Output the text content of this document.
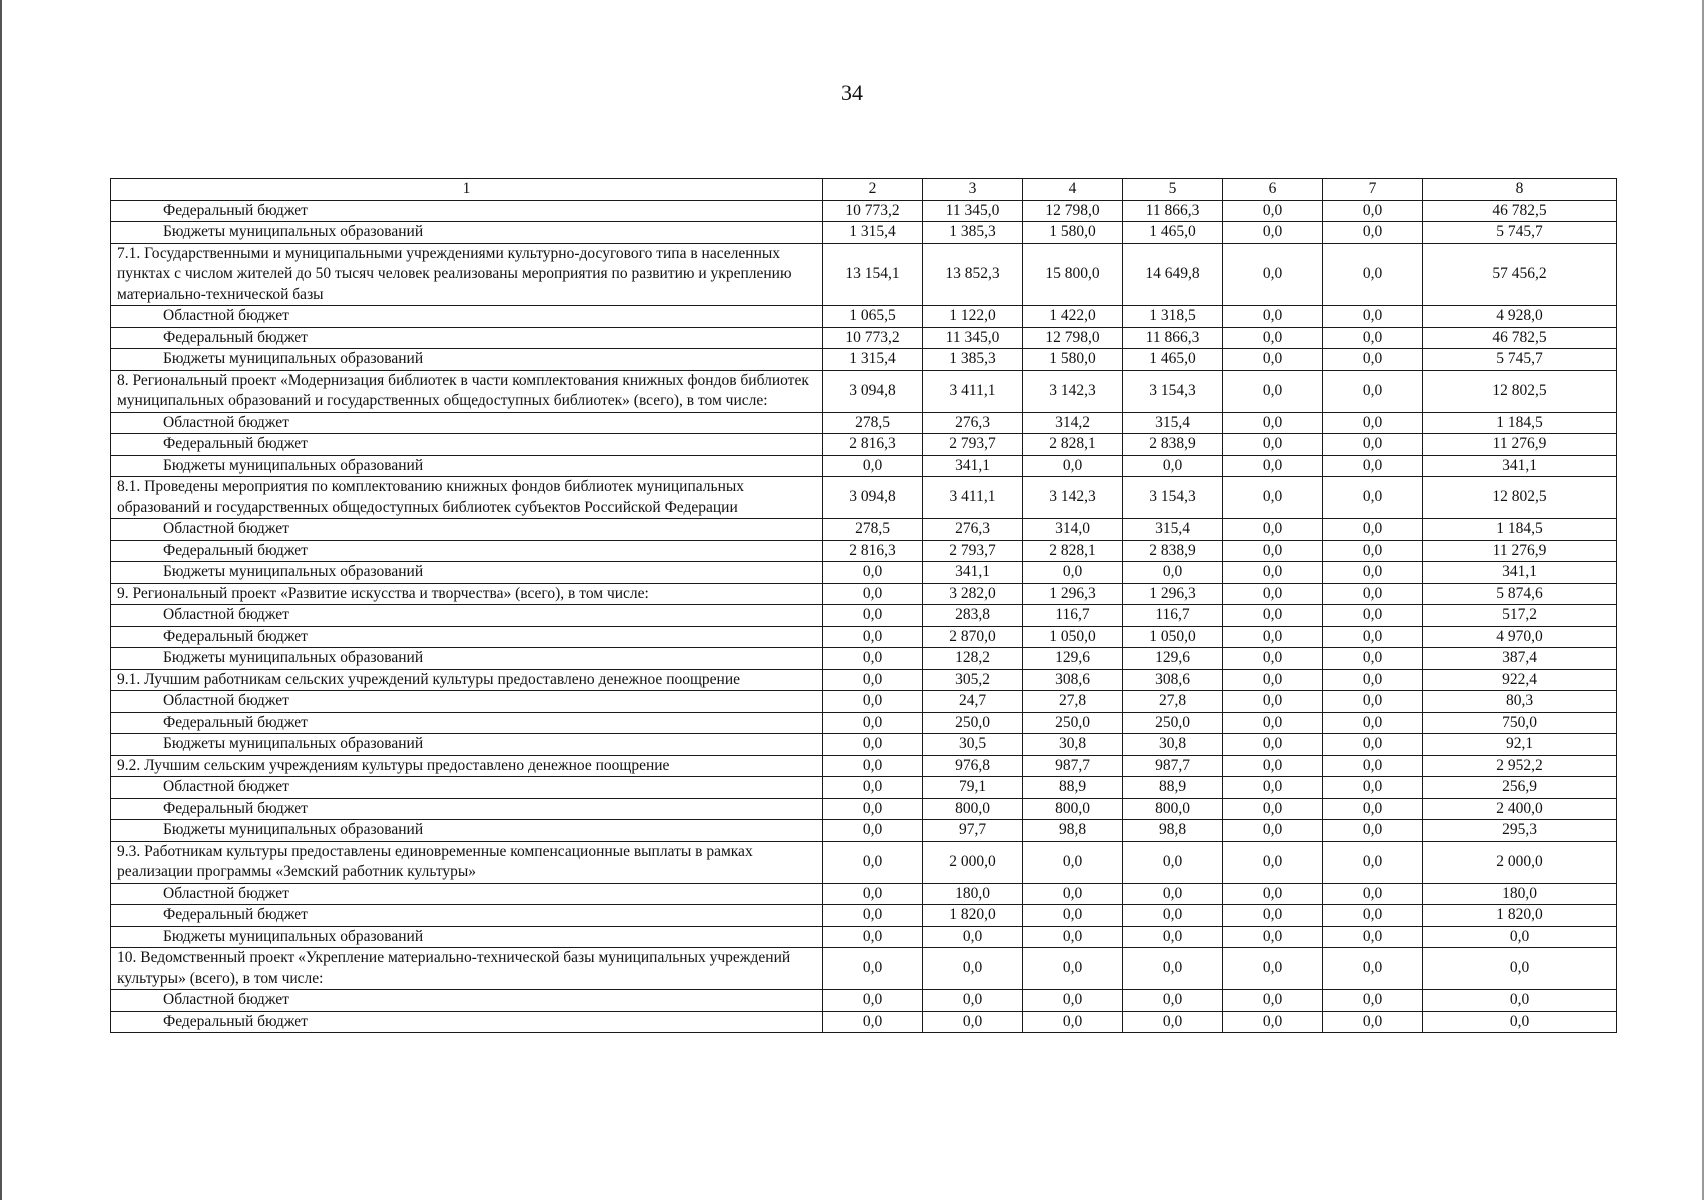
34
1	2	3	4	5	6	7	8
Федеральный бюджет	10 773,2	11 345,0	12 798,0	11 866,3	0,0	0,0	46 782,5
Бюджеты муниципальных образований	1 315,4	1 385,3	1 580,0	1 465,0	0,0	0,0	5 745,7
7.1. Государственными и муниципальными учреждениями культурно-досугового типа в населенных пунктах с числом жителей до 50 тысяч человек реализованы мероприятия по развитию и укреплению материально-технической базы	13 154,1	13 852,3	15 800,0	14 649,8	0,0	0,0	57 456,2
Областной бюджет	1 065,5	1 122,0	1 422,0	1 318,5	0,0	0,0	4 928,0
Федеральный бюджет	10 773,2	11 345,0	12 798,0	11 866,3	0,0	0,0	46 782,5
Бюджеты муниципальных образований	1 315,4	1 385,3	1 580,0	1 465,0	0,0	0,0	5 745,7
8. Региональный проект «Модернизация библиотек в части комплектования книжных фондов библиотек муниципальных образований и государственных общедоступных библиотек» (всего), в том числе:	3 094,8	3 411,1	3 142,3	3 154,3	0,0	0,0	12 802,5
Областной бюджет	278,5	276,3	314,2	315,4	0,0	0,0	1 184,5
Федеральный бюджет	2 816,3	2 793,7	2 828,1	2 838,9	0,0	0,0	11 276,9
Бюджеты муниципальных образований	0,0	341,1	0,0	0,0	0,0	0,0	341,1
8.1. Проведены мероприятия по комплектованию книжных фондов библиотек муниципальных образований и государственных общедоступных библиотек субъектов Российской Федерации	3 094,8	3 411,1	3 142,3	3 154,3	0,0	0,0	12 802,5
Областной бюджет	278,5	276,3	314,0	315,4	0,0	0,0	1 184,5
Федеральный бюджет	2 816,3	2 793,7	2 828,1	2 838,9	0,0	0,0	11 276,9
Бюджеты муниципальных образований	0,0	341,1	0,0	0,0	0,0	0,0	341,1
9. Региональный проект «Развитие искусства и творчества» (всего), в том числе:	0,0	3 282,0	1 296,3	1 296,3	0,0	0,0	5 874,6
Областной бюджет	0,0	283,8	116,7	116,7	0,0	0,0	517,2
Федеральный бюджет	0,0	2 870,0	1 050,0	1 050,0	0,0	0,0	4 970,0
Бюджеты муниципальных образований	0,0	128,2	129,6	129,6	0,0	0,0	387,4
9.1. Лучшим работникам сельских учреждений культуры предоставлено денежное поощрение	0,0	305,2	308,6	308,6	0,0	0,0	922,4
Областной бюджет	0,0	24,7	27,8	27,8	0,0	0,0	80,3
Федеральный бюджет	0,0	250,0	250,0	250,0	0,0	0,0	750,0
Бюджеты муниципальных образований	0,0	30,5	30,8	30,8	0,0	0,0	92,1
9.2. Лучшим сельским учреждениям культуры предоставлено денежное поощрение	0,0	976,8	987,7	987,7	0,0	0,0	2 952,2
Областной бюджет	0,0	79,1	88,9	88,9	0,0	0,0	256,9
Федеральный бюджет	0,0	800,0	800,0	800,0	0,0	0,0	2 400,0
Бюджеты муниципальных образований	0,0	97,7	98,8	98,8	0,0	0,0	295,3
9.3. Работникам культуры предоставлены единовременные компенсационные выплаты в рамках реализации программы «Земский работник культуры»	0,0	2 000,0	0,0	0,0	0,0	0,0	2 000,0
Областной бюджет	0,0	180,0	0,0	0,0	0,0	0,0	180,0
Федеральный бюджет	0,0	1 820,0	0,0	0,0	0,0	0,0	1 820,0
Бюджеты муниципальных образований	0,0	0,0	0,0	0,0	0,0	0,0	0,0
10. Ведомственный проект «Укрепление материально-технической базы муниципальных учреждений культуры» (всего), в том числе:	0,0	0,0	0,0	0,0	0,0	0,0	0,0
Областной бюджет	0,0	0,0	0,0	0,0	0,0	0,0	0,0
Федеральный бюджет	0,0	0,0	0,0	0,0	0,0	0,0	0,0
